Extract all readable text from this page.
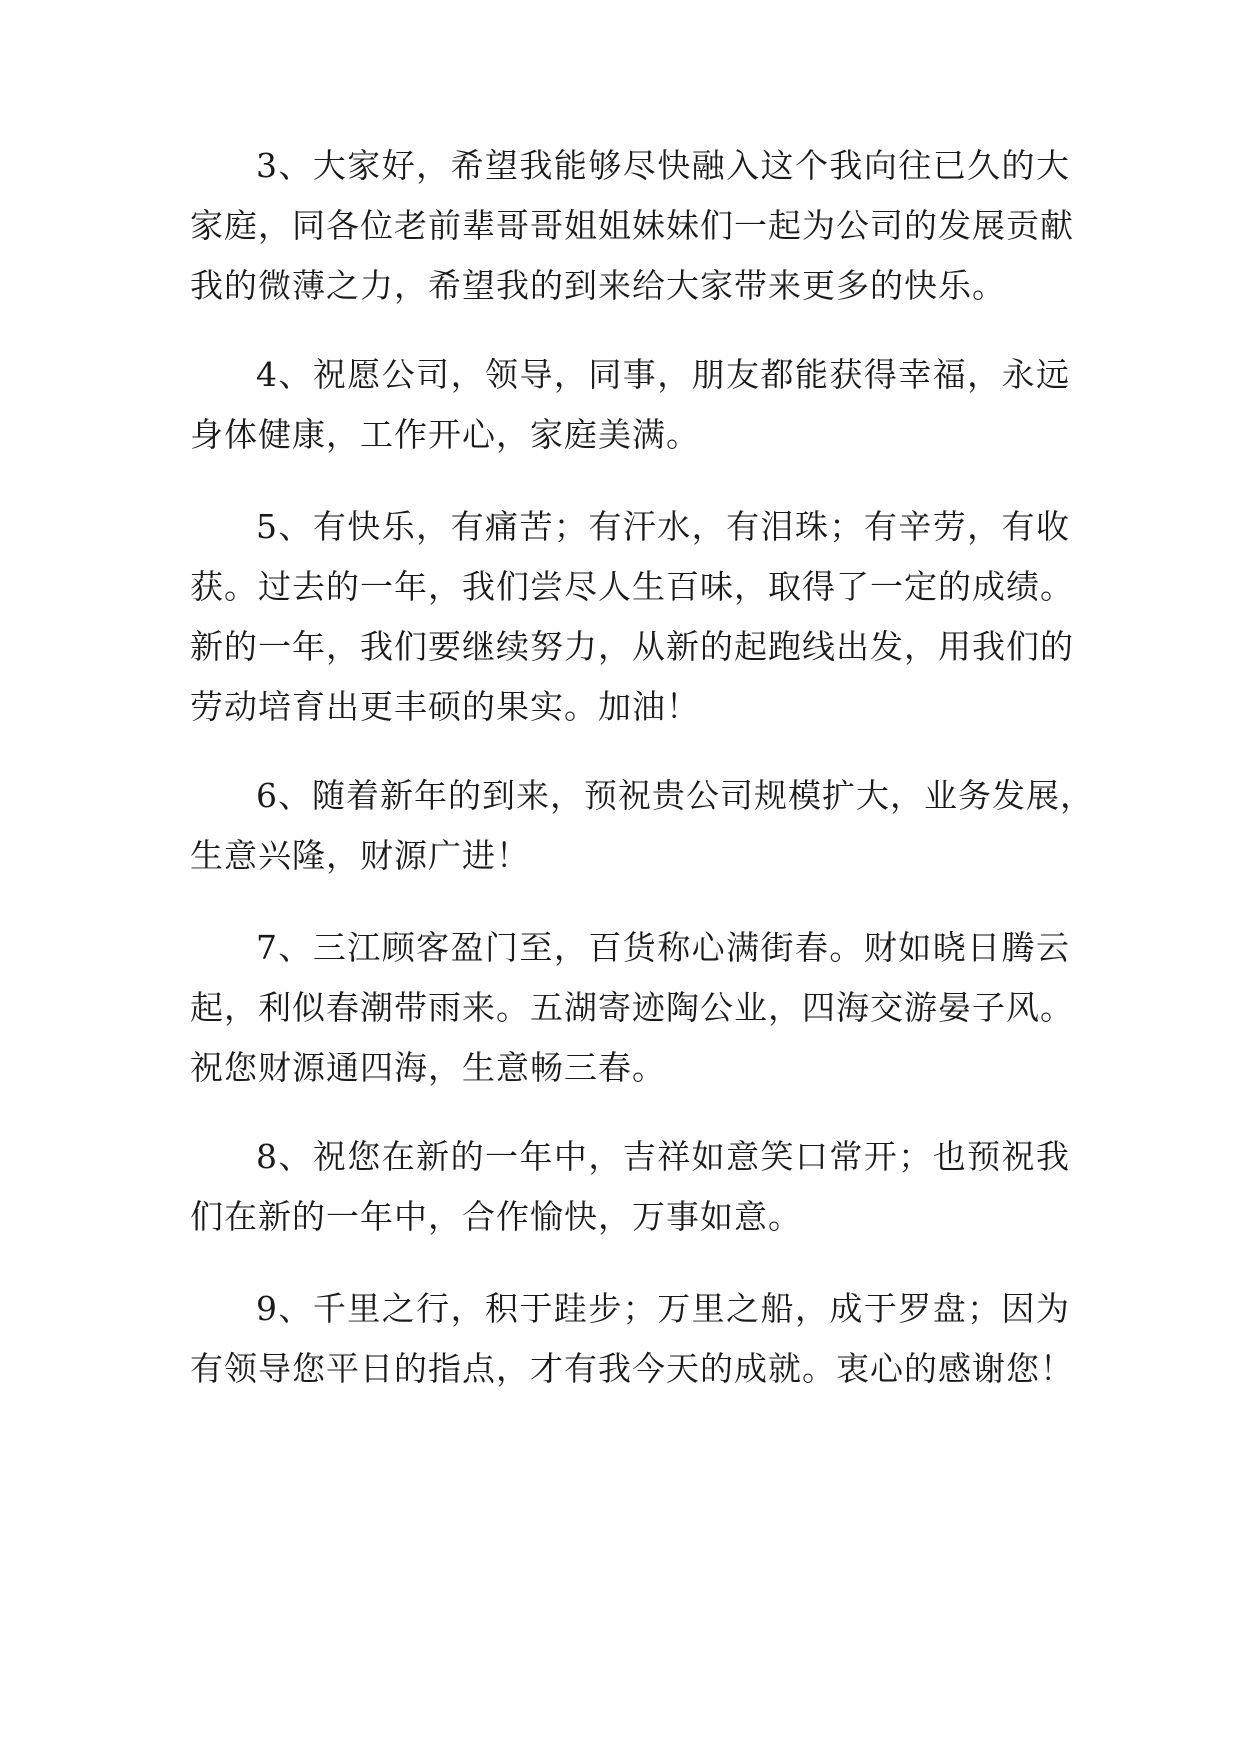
3、大家好，希望我能够尽快融入这个我向往已久的大
家庭，同各位老前辈哥哥姐姐妹妹们一起为公司的发展贡献
我的微薄之力，希望我的到来给大家带来更多的快乐。
4、祝愿公司，领导，同事，朋友都能获得幸福，永远
身体健康，工作开心，家庭美满。
5、有快乐，有痛苦；有汗水，有泪珠；有辛劳，有收
获。过去的一年，我们尝尽人生百味，取得了一定的成绩。
新的一年，我们要继续努力，从新的起跑线出发，用我们的
劳动培育出更丰硕的果实。加油！
6、随着新年的到来，预祝贵公司规模扩大，业务发展，
生意兴隆，财源广进！
7、三江顾客盈门至，百货称心满街春。财如晓日腾云
起，利似春潮带雨来。五湖寄迹陶公业，四海交游晏子风。
祝您财源通四海，生意畅三春。
8、祝您在新的一年中，吉祥如意笑口常开；也预祝我
们在新的一年中，合作愉快，万事如意。
9、千里之行，积于跬步；万里之船，成于罗盘；因为
有领导您平日的指点，才有我今天的成就。衷心的感谢您！
